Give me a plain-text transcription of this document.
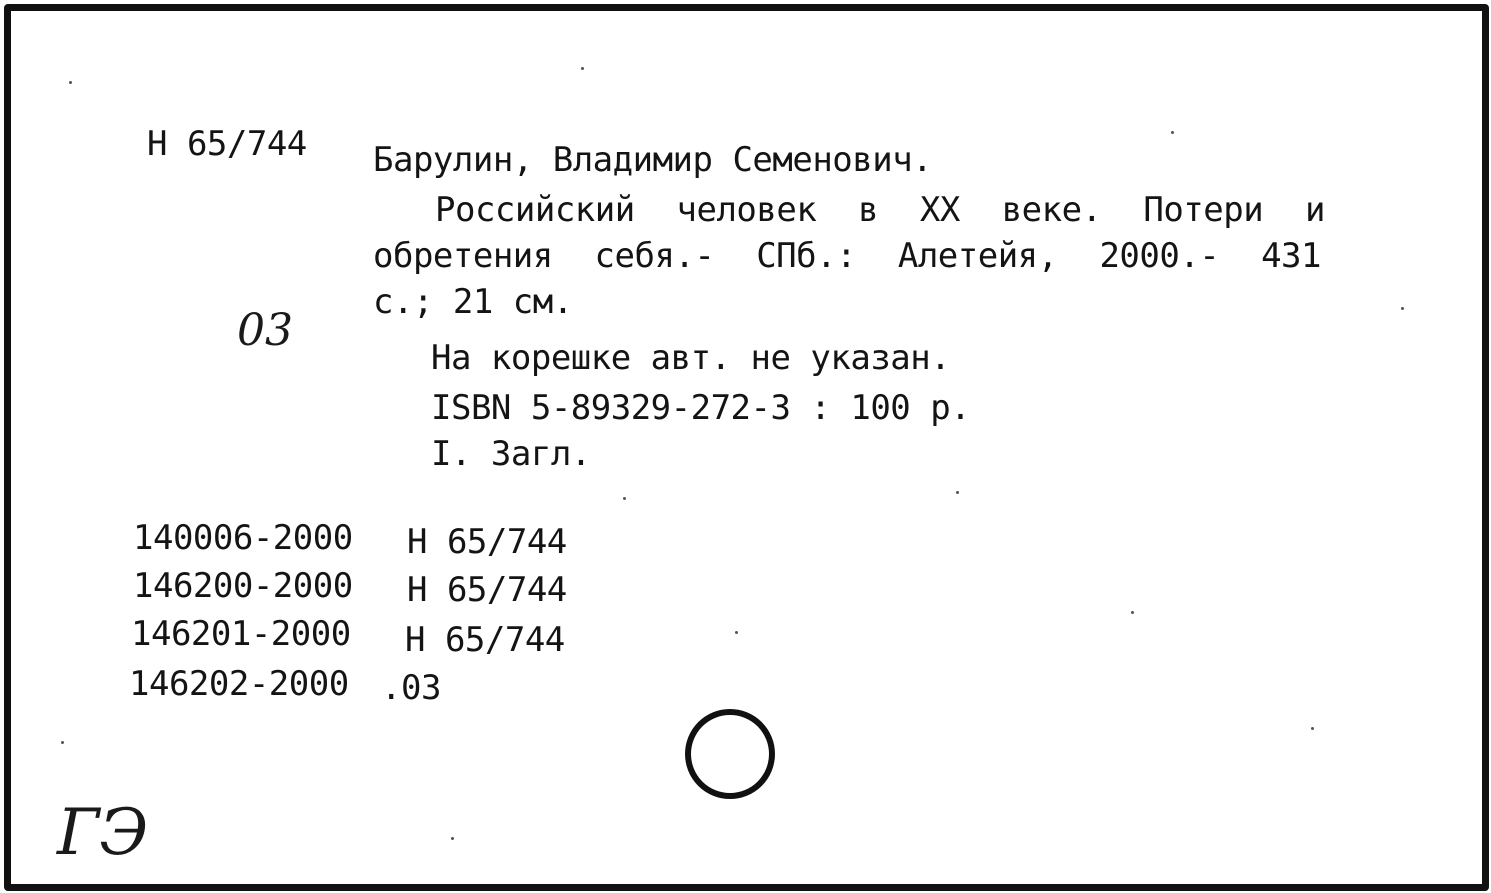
Н 65/744 Барулин, Владимир Семенович.
Российский человек в XX веке. Потери и
обретения себя.- СПб.: Алетейя, 2000.- 431
с.; 21 см.
03
На корешке авт. не указан.
ISBN 5-89329-272-3 : 100 р.
I. Загл.
140006-2000 Н 65/744
146200-2000 Н 65/744
146201-2000 Н 65/744
146202-2000 .03
ГЭ
